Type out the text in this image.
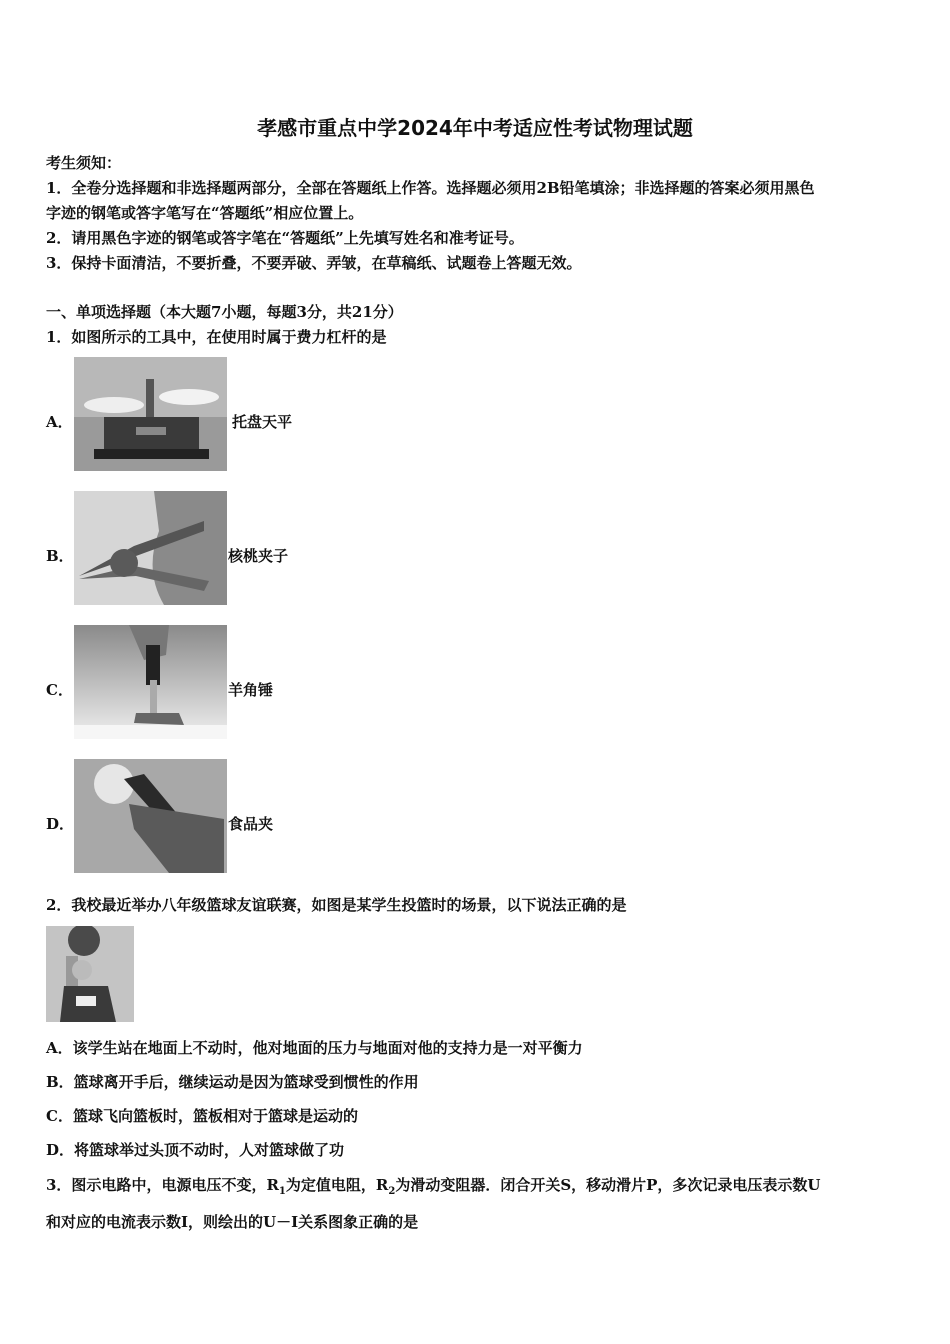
孝感市重点中学2024年中考适应性考试物理试题
考生须知：
1．全卷分选择题和非选择题两部分，全部在答题纸上作答。选择题必须用2B铅笔填涂；非选择题的答案必须用黑色
字迹的钢笔或答字笔写在“答题纸”相应位置上。
2．请用黑色字迹的钢笔或答字笔在“答题纸”上先填写姓名和准考证号。
3．保持卡面清洁，不要折叠，不要弄破、弄皱，在草稿纸、试题卷上答题无效。
一、单项选择题（本大题7小题，每题3分，共21分）
1．如图所示的工具中，在使用时属于费力杠杆的是
A．	托盘天平
B．	核桃夹子
C．	羊角锤
D．	食品夹
2．我校最近举办八年级篮球友谊联赛，如图是某学生投篮时的场景，以下说法正确的是
A．该学生站在地面上不动时，他对地面的压力与地面对他的支持力是一对平衡力
B．篮球离开手后，继续运动是因为篮球受到惯性的作用
C．篮球飞向篮板时，篮板相对于篮球是运动的
D．将篮球举过头顶不动时，人对篮球做了功
3．图示电路中，电源电压不变，$R_1$为定值电阻，$R_2$为滑动变阻器．闭合开关S，移动滑片P，多次记录电压表示数U
和对应的电流表示数I，则绘出的U－I关系图象正确的是
